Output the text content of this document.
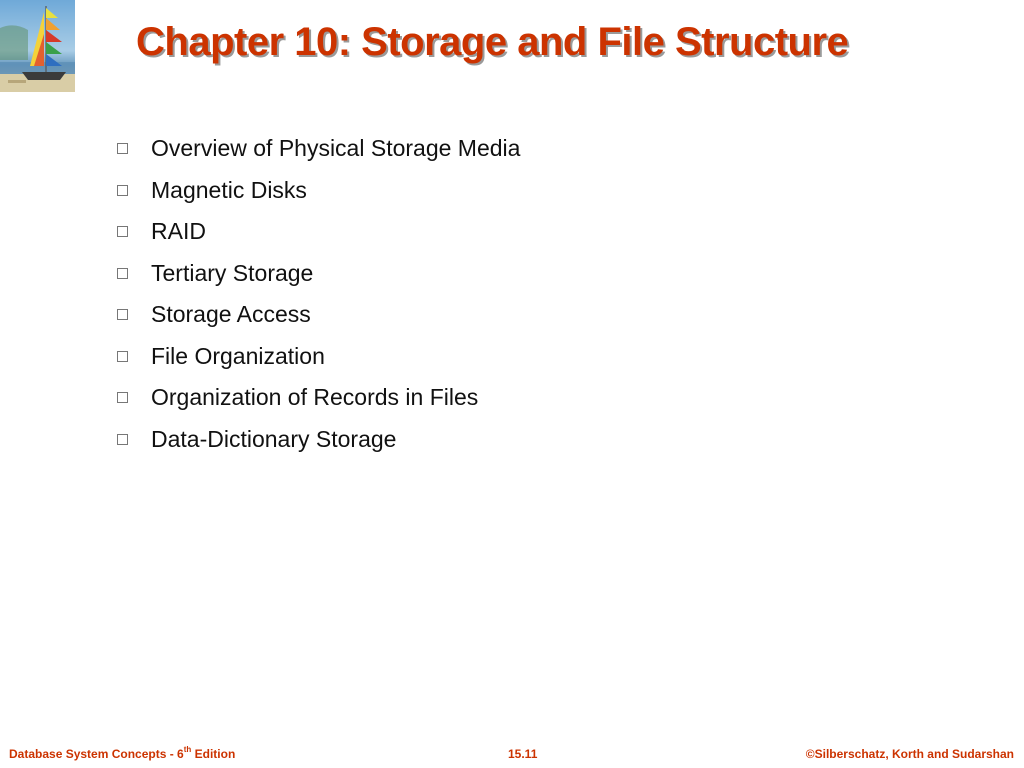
Chapter 10: Storage and File Structure
Overview of Physical Storage Media
Magnetic Disks
RAID
Tertiary Storage
Storage Access
File Organization
Organization of Records in Files
Data-Dictionary Storage
Database System Concepts - 6th Edition	15.11	©Silberschatz, Korth and Sudarshan
